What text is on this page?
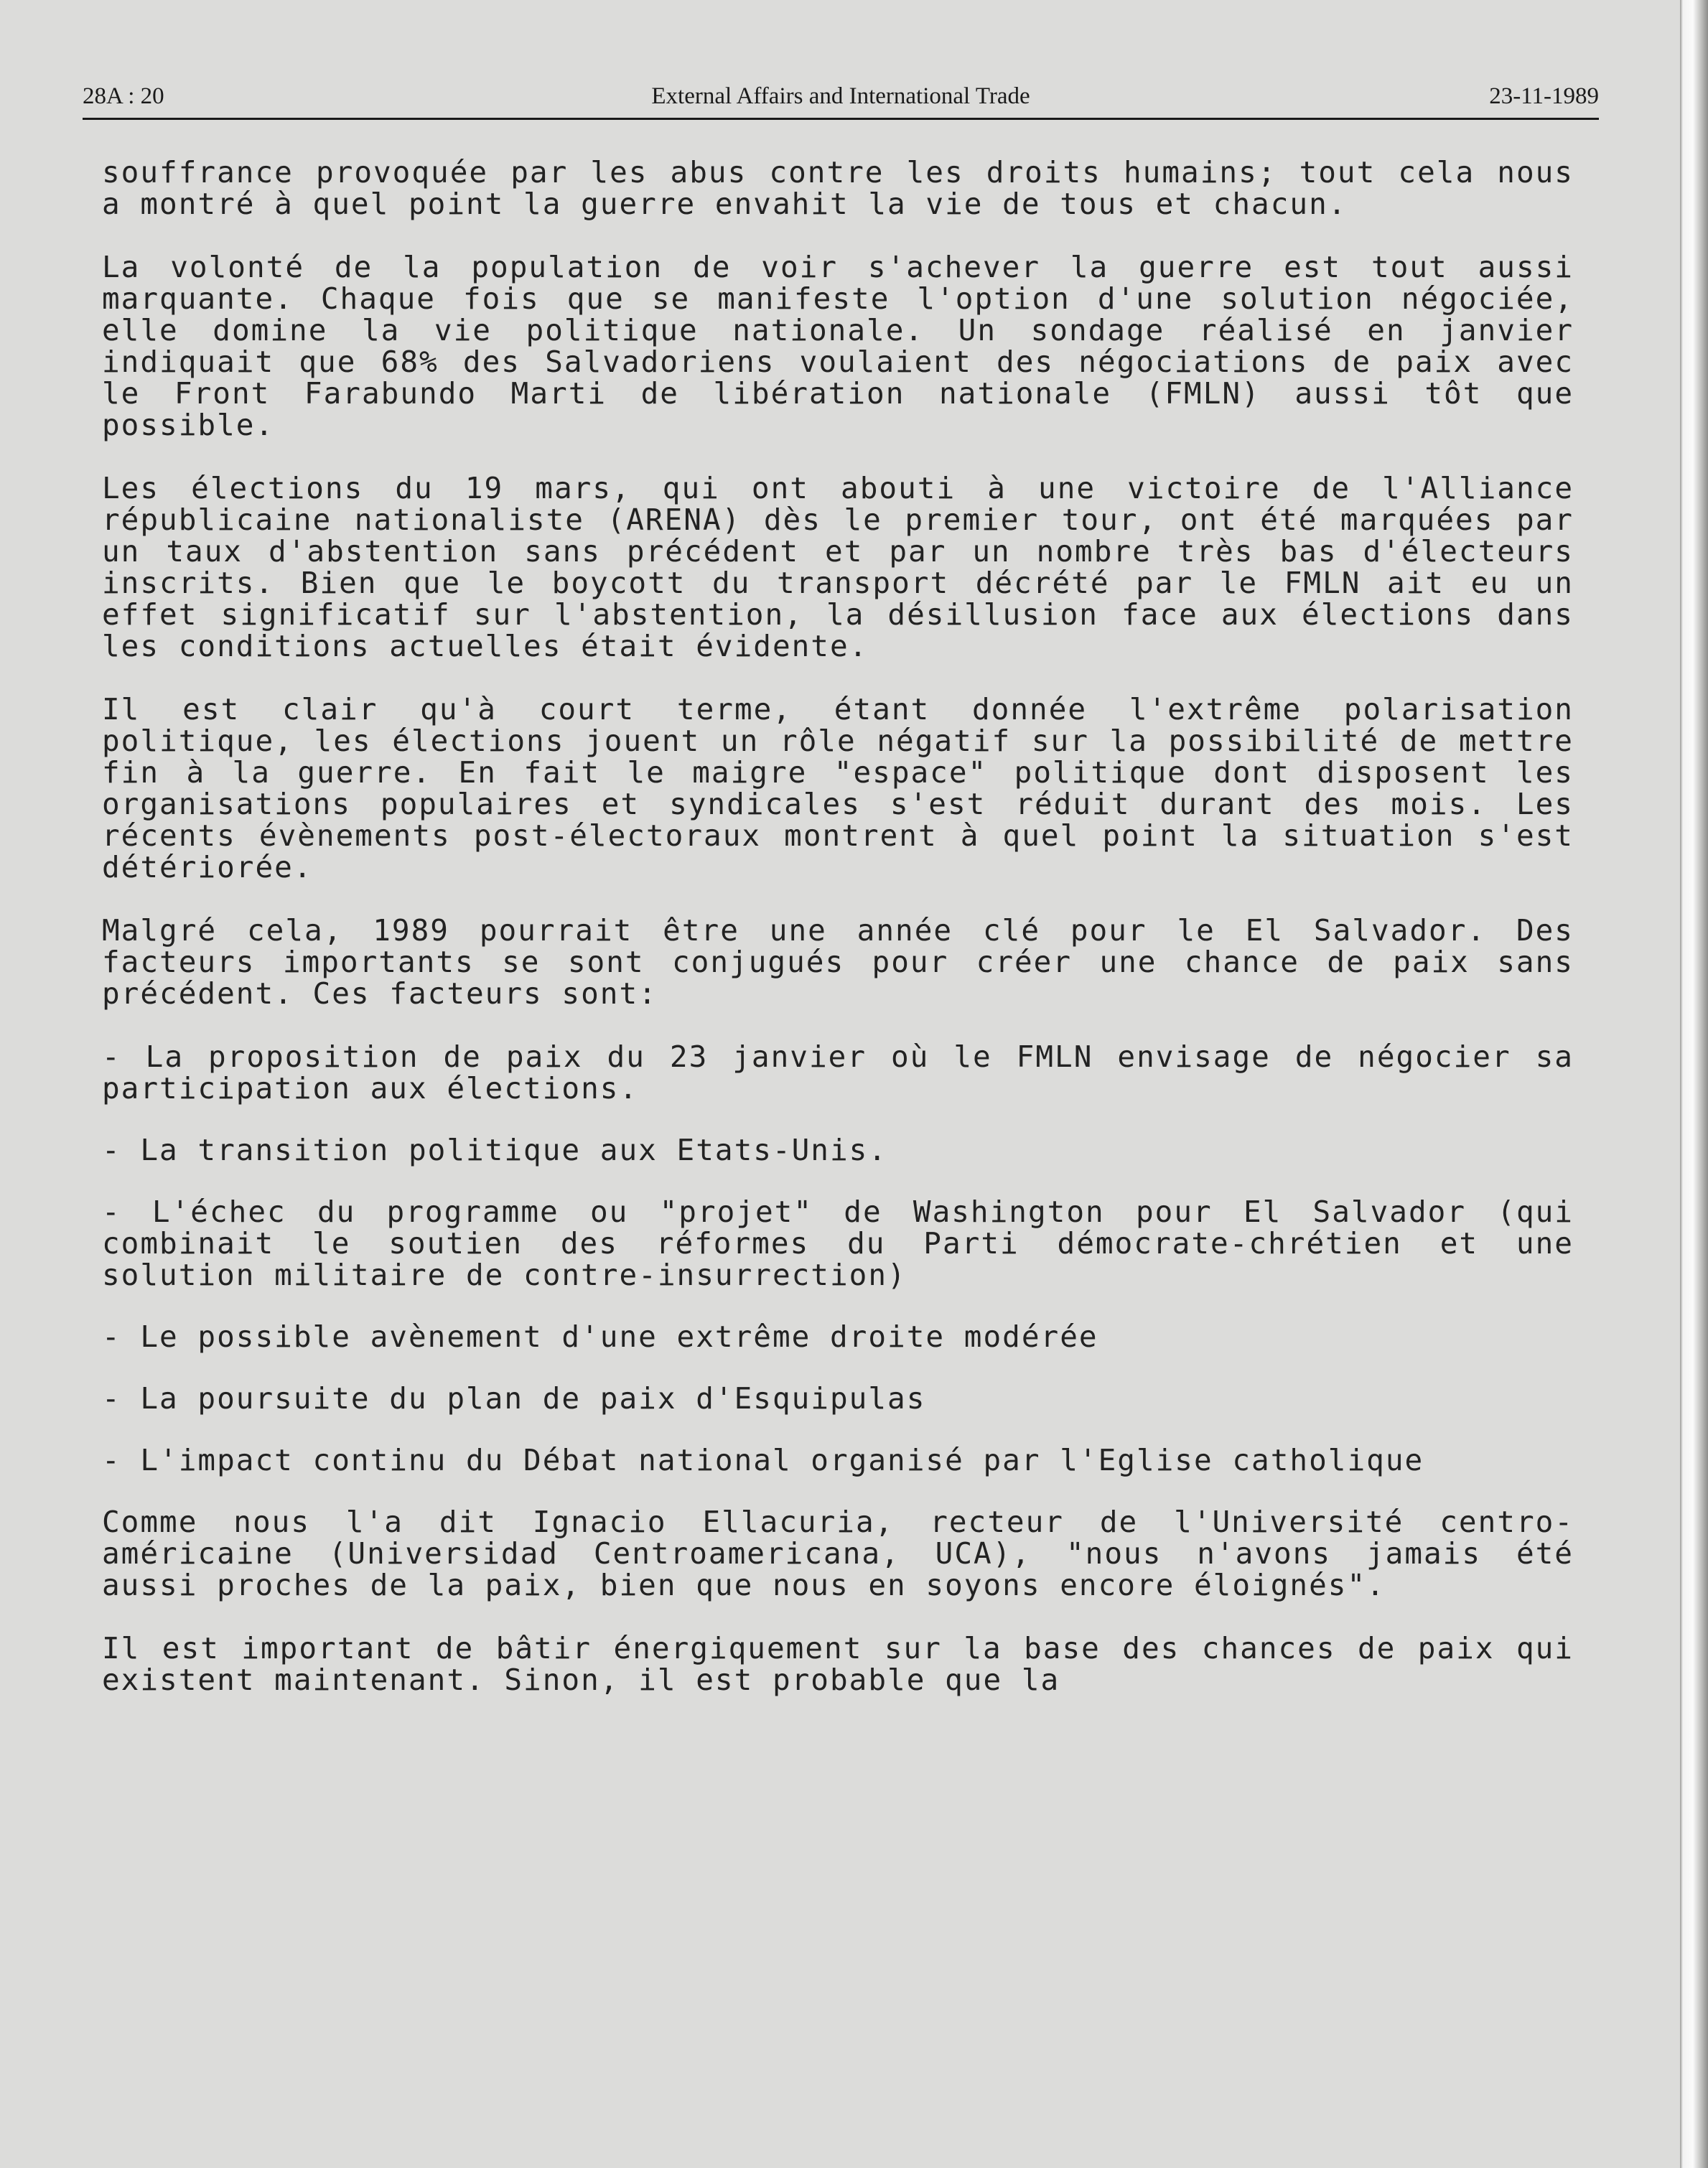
28A : 20	External Affairs and International Trade	23-11-1989

souffrance provoquée par les abus contre les droits humains; tout cela nous a montré à quel point la guerre envahit la vie de tous et chacun.

La volonté de la population de voir s'achever la guerre est tout aussi marquante. Chaque fois que se manifeste l'option d'une solution négociée, elle domine la vie politique nationale. Un sondage réalisé en janvier indiquait que 68% des Salvadoriens voulaient des négociations de paix avec le Front Farabundo Marti de libération nationale (FMLN) aussi tôt que possible.

Les élections du 19 mars, qui ont abouti à une victoire de l'Alliance républicaine nationaliste (ARENA) dès le premier tour, ont été marquées par un taux d'abstention sans précédent et par un nombre très bas d'électeurs inscrits. Bien que le boycott du transport décrété par le FMLN ait eu un effet significatif sur l'abstention, la désillusion face aux élections dans les conditions actuelles était évidente.

Il est clair qu'à court terme, étant donnée l'extrême polarisation politique, les élections jouent un rôle négatif sur la possibilité de mettre fin à la guerre. En fait le maigre "espace" politique dont disposent les organisations populaires et syndicales s'est réduit durant des mois. Les récents évènements post-électoraux montrent à quel point la situation s'est détériorée.

Malgré cela, 1989 pourrait être une année clé pour le El Salvador. Des facteurs importants se sont conjugués pour créer une chance de paix sans précédent. Ces facteurs sont:

- La proposition de paix du 23 janvier où le FMLN envisage de négocier sa participation aux élections.

- La transition politique aux Etats-Unis.

- L'échec du programme ou "projet" de Washington pour El Salvador (qui combinait le soutien des réformes du Parti démocrate-chrétien et une solution militaire de contre-insurrection)

- Le possible avènement d'une extrême droite modérée

- La poursuite du plan de paix d'Esquipulas

- L'impact continu du Débat national organisé par l'Eglise catholique

Comme nous l'a dit Ignacio Ellacuria, recteur de l'Université centro-américaine (Universidad Centroamericana, UCA), "nous n'avons jamais été aussi proches de la paix, bien que nous en soyons encore éloignés".

Il est important de bâtir énergiquement sur la base des chances de paix qui existent maintenant. Sinon, il est probable que la
